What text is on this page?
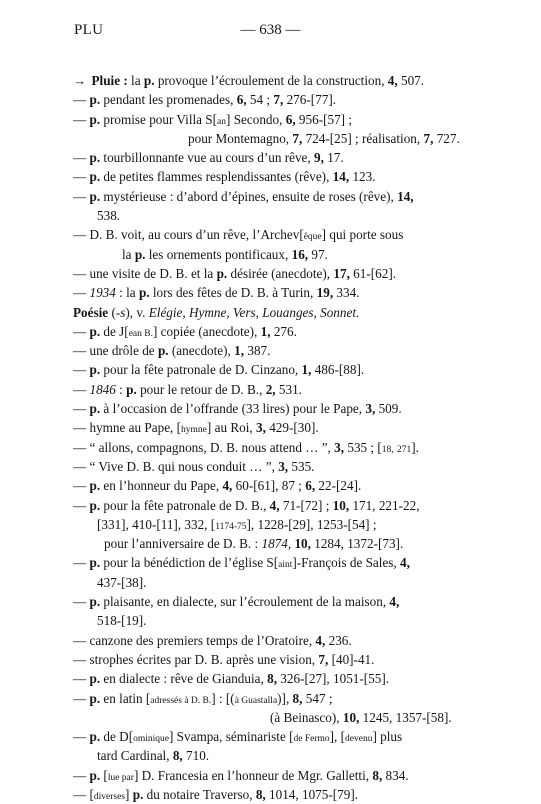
PLU	— 638 —
→ Pluie : la p. provoque l’écroulement de la construction, 4, 507.
— p. pendant les promenades, 6, 54 ; 7, 276-[77].
— p. promise pour Villa S[an] Secondo, 6, 956-[57] ;
pour Montemagno, 7, 724-[25] ; réalisation, 7, 727.
— p. tourbillonnante vue au cours d’un rêve, 9, 17.
— p. de petites flammes resplendissantes (rêve), 14, 123.
— p. mystérieuse : d’abord d’épines, ensuite de roses (rêve), 14,
538.
— D. B. voit, au cours d’un rêve, l’Archev[êque] qui porte sous
la p. les ornements pontificaux, 16, 97.
— une visite de D. B. et la p. désirée (anecdote), 17, 61-[62].
— 1934 : la p. lors des fêtes de D. B. à Turin, 19, 334.
Poésie (-s), v. Elégie, Hymne, Vers, Louanges, Sonnet.
— p. de J[ean B.] copiée (anecdote), 1, 276.
— une drôle de p. (anecdote), 1, 387.
— p. pour la fête patronale de D. Cinzano, 1, 486-[88].
— 1846 : p. pour le retour de D. B., 2, 531.
— p. à l’occasion de l’offrande (33 lires) pour le Pape, 3, 509.
— hymne au Pape, [hymne] au Roi, 3, 429-[30].
— “ allons, compagnons, D. B. nous attend … ”, 3, 535 ; [18, 271].
— “ Vive D. B. qui nous conduit … ”, 3, 535.
— p. en l’honneur du Pape, 4, 60-[61], 87 ; 6, 22-[24].
— p. pour la fête patronale de D. B., 4, 71-[72] ; 10, 171, 221-22,
[331], 410-[11], 332, [1174-75], 1228-[29], 1253-[54] ;
pour l’anniversaire de D. B. : 1874, 10, 1284, 1372-[73].
— p. pour la bénédiction de l’église S[aint]-François de Sales, 4,
437-[38].
— p. plaisante, en dialecte, sur l’écroulement de la maison, 4,
518-[19].
— canzone des premiers temps de l’Oratoire, 4, 236.
— strophes écrites par D. B. après une vision, 7, [40]-41.
— p. en dialecte : rêve de Gianduia, 8, 326-[27], 1051-[55].
— p. en latin [adressés à D. B.] : [(à Guastalla)], 8, 547 ;
(à Beinasco), 10, 1245, 1357-[58].
— p. de D[ominique] Svampa, séminariste [de Fermo], [devenu] plus
tard Cardinal, 8, 710.
— p. [lue par] D. Francesia en l’honneur de Mgr. Galletti, 8, 834.
— [diverses] p. du notaire Traverso, 8, 1014, 1075-[79].
